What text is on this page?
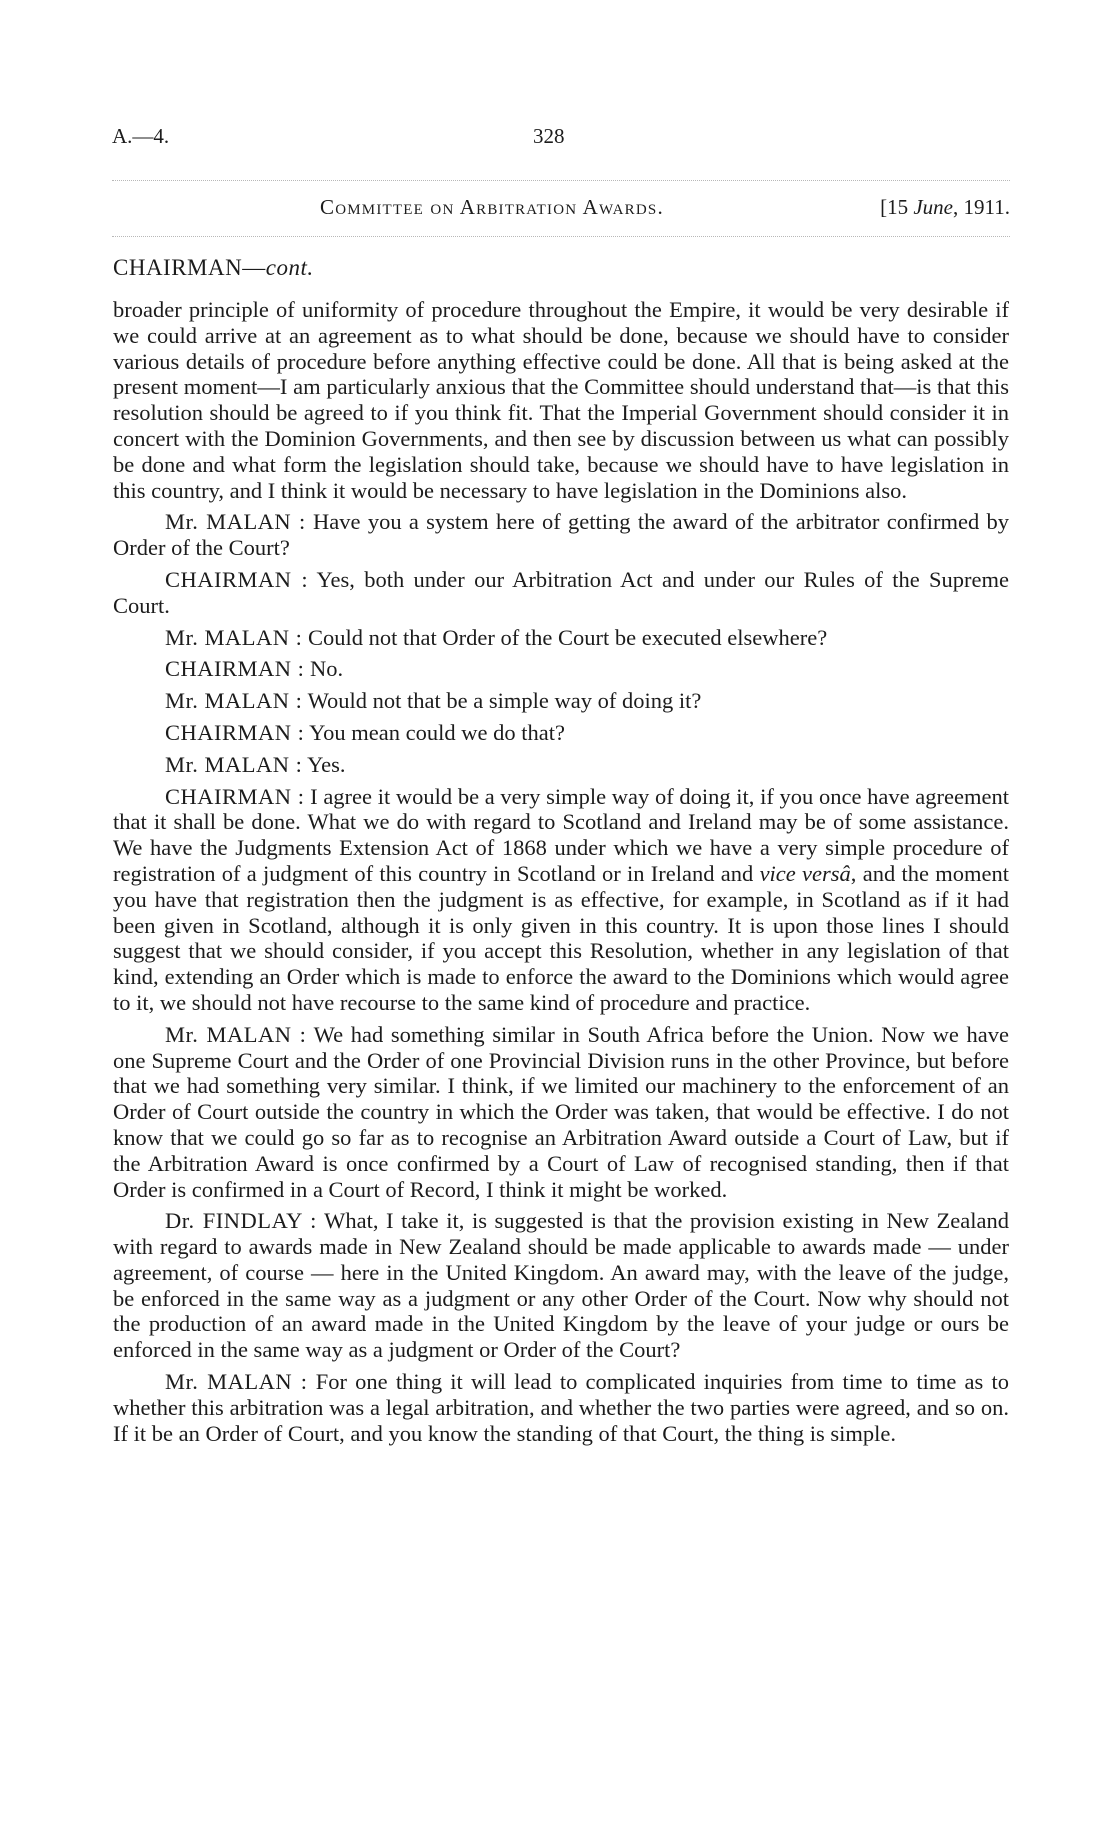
A.—4.	328
Committee on Arbitration Awards.	[15 June, 1911.
CHAIRMAN—cont.

broader principle of uniformity of procedure throughout the Empire, it would be very desirable if we could arrive at an agreement as to what should be done, because we should have to consider various details of procedure before anything effective could be done. All that is being asked at the present moment—I am particularly anxious that the Committee should understand that—is that this resolution should be agreed to if you think fit. That the Imperial Government should consider it in concert with the Dominion Governments, and then see by discussion between us what can possibly be done and what form the legislation should take, because we should have to have legislation in this country, and I think it would be necessary to have legislation in the Dominions also.

Mr. MALAN : Have you a system here of getting the award of the arbitrator confirmed by Order of the Court?

CHAIRMAN : Yes, both under our Arbitration Act and under our Rules of the Supreme Court.

Mr. MALAN : Could not that Order of the Court be executed elsewhere?

CHAIRMAN : No.

Mr. MALAN : Would not that be a simple way of doing it?

CHAIRMAN : You mean could we do that?

Mr. MALAN : Yes.

CHAIRMAN : I agree it would be a very simple way of doing it, if you once have agreement that it shall be done. What we do with regard to Scotland and Ireland may be of some assistance. We have the Judgments Extension Act of 1868 under which we have a very simple procedure of registration of a judgment of this country in Scotland or in Ireland and vice versâ, and the moment you have that registration then the judgment is as effective, for example, in Scotland as if it had been given in Scotland, although it is only given in this country. It is upon those lines I should suggest that we should consider, if you accept this Resolution, whether in any legislation of that kind, extending an Order which is made to enforce the award to the Dominions which would agree to it, we should not have recourse to the same kind of procedure and practice.

Mr. MALAN : We had something similar in South Africa before the Union. Now we have one Supreme Court and the Order of one Provincial Division runs in the other Province, but before that we had something very similar. I think, if we limited our machinery to the enforcement of an Order of Court outside the country in which the Order was taken, that would be effective. I do not know that we could go so far as to recognise an Arbitration Award outside a Court of Law, but if the Arbitration Award is once confirmed by a Court of Law of recognised standing, then if that Order is confirmed in a Court of Record, I think it might be worked.

Dr. FINDLAY : What, I take it, is suggested is that the provision existing in New Zealand with regard to awards made in New Zealand should be made applicable to awards made — under agreement, of course — here in the United Kingdom. An award may, with the leave of the judge, be enforced in the same way as a judgment or any other Order of the Court. Now why should not the production of an award made in the United Kingdom by the leave of your judge or ours be enforced in the same way as a judgment or Order of the Court?

Mr. MALAN : For one thing it will lead to complicated inquiries from time to time as to whether this arbitration was a legal arbitration, and whether the two parties were agreed, and so on. If it be an Order of Court, and you know the standing of that Court, the thing is simple.
